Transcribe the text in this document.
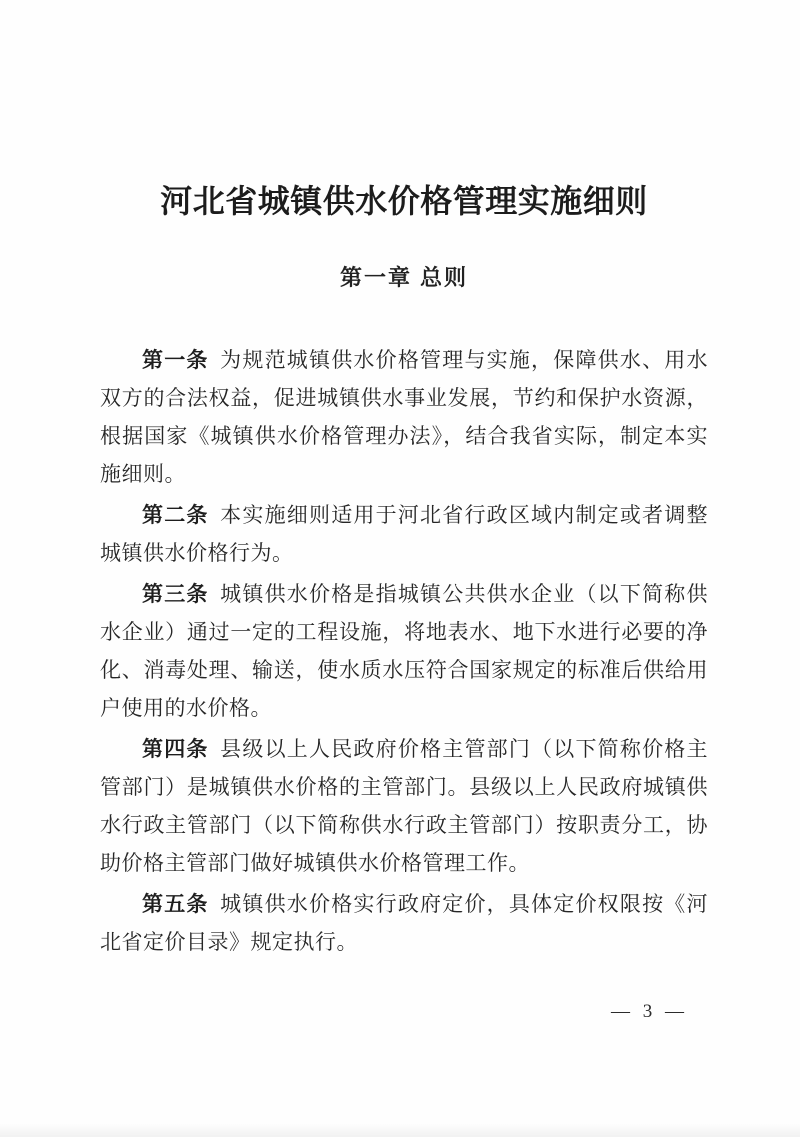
河北省城镇供水价格管理实施细则
第一章 总则

第一条 为规范城镇供水价格管理与实施，保障供水、用水双方的合法权益，促进城镇供水事业发展，节约和保护水资源，根据国家《城镇供水价格管理办法》，结合我省实际，制定本实施细则。

第二条 本实施细则适用于河北省行政区域内制定或者调整城镇供水价格行为。

第三条 城镇供水价格是指城镇公共供水企业（以下简称供水企业）通过一定的工程设施，将地表水、地下水进行必要的净化、消毒处理、输送，使水质水压符合国家规定的标准后供给用户使用的水价格。

第四条 县级以上人民政府价格主管部门（以下简称价格主管部门）是城镇供水价格的主管部门。县级以上人民政府城镇供水行政主管部门（以下简称供水行政主管部门）按职责分工，协助价格主管部门做好城镇供水价格管理工作。

第五条 城镇供水价格实行政府定价，具体定价权限按《河北省定价目录》规定执行。

— 3 —
